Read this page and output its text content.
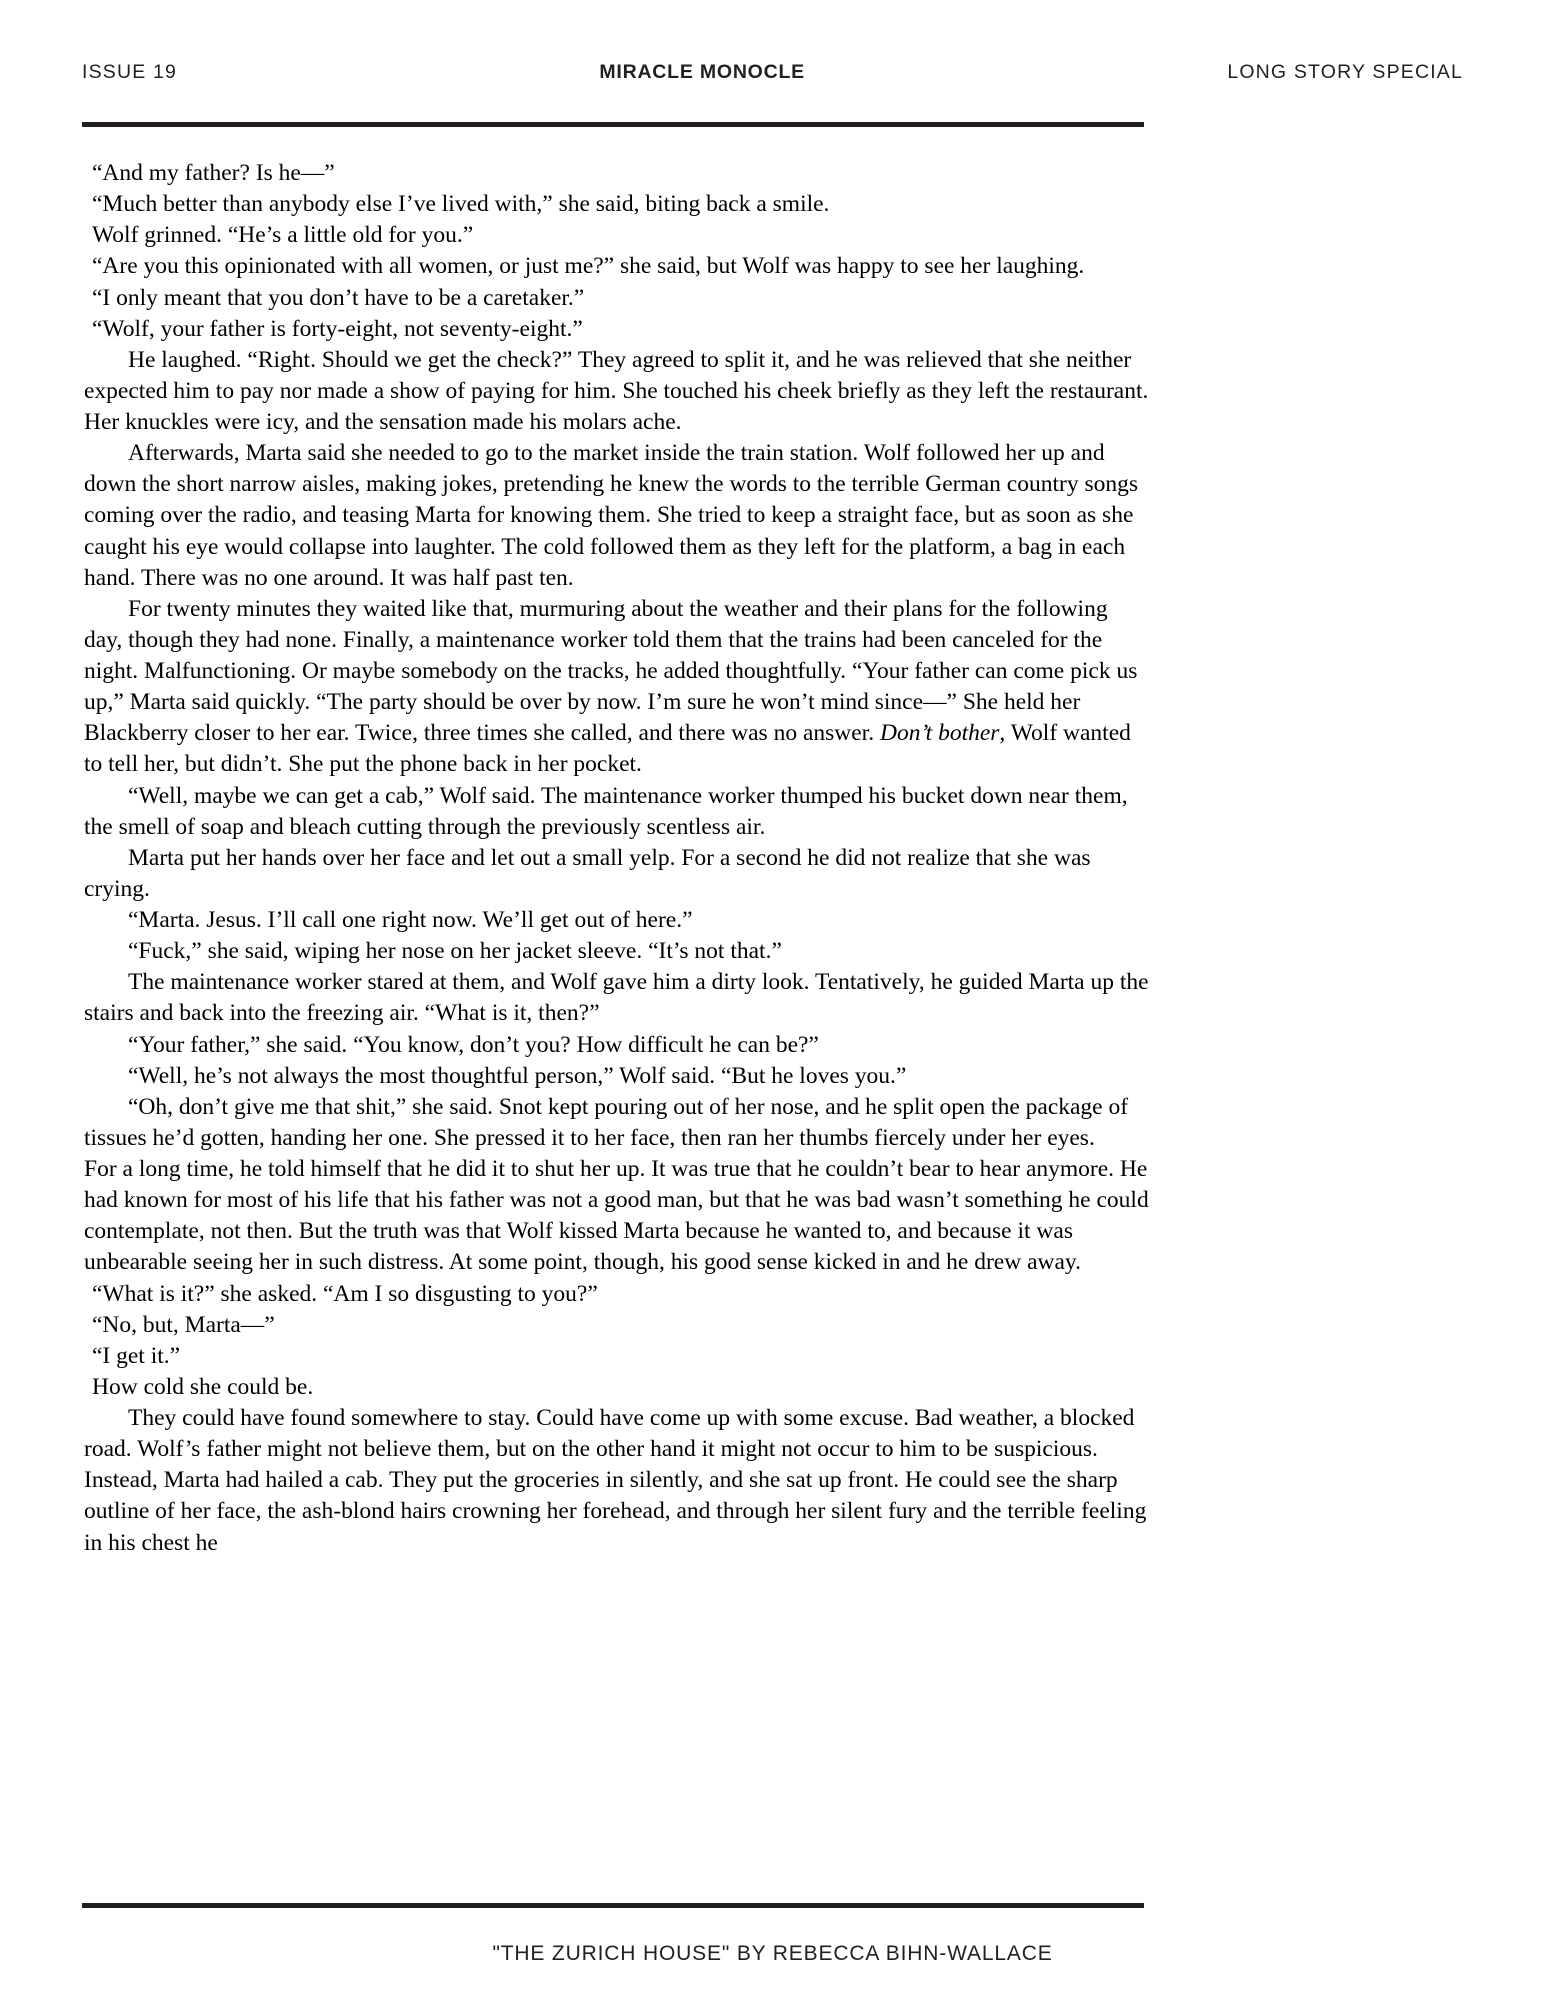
ISSUE 19	MIRACLE MONOCLE	LONG STORY SPECIAL

“And my father? Is he—”

“Much better than anybody else I’ve lived with,” she said, biting back a smile.

Wolf grinned. “He’s a little old for you.”

“Are you this opinionated with all women, or just me?” she said, but Wolf was happy to see her laughing.

“I only meant that you don’t have to be a caretaker.”

“Wolf, your father is forty-eight, not seventy-eight.”

He laughed. “Right. Should we get the check?” They agreed to split it, and he was relieved that she neither expected him to pay nor made a show of paying for him. She touched his cheek briefly as they left the restaurant. Her knuckles were icy, and the sensation made his molars ache.

Afterwards, Marta said she needed to go to the market inside the train station. Wolf followed her up and down the short narrow aisles, making jokes, pretending he knew the words to the terrible German country songs coming over the radio, and teasing Marta for knowing them. She tried to keep a straight face, but as soon as she caught his eye would collapse into laughter. The cold followed them as they left for the platform, a bag in each hand. There was no one around. It was half past ten.

For twenty minutes they waited like that, murmuring about the weather and their plans for the following day, though they had none. Finally, a maintenance worker told them that the trains had been canceled for the night. Malfunctioning. Or maybe somebody on the tracks, he added thoughtfully. “Your father can come pick us up,” Marta said quickly. “The party should be over by now. I’m sure he won’t mind since—” She held her Blackberry closer to her ear. Twice, three times she called, and there was no answer. Don’t bother, Wolf wanted to tell her, but didn’t. She put the phone back in her pocket.

“Well, maybe we can get a cab,” Wolf said. The maintenance worker thumped his bucket down near them, the smell of soap and bleach cutting through the previously scentless air.

Marta put her hands over her face and let out a small yelp. For a second he did not realize that she was crying.

“Marta. Jesus. I’ll call one right now. We’ll get out of here.”

“Fuck,” she said, wiping her nose on her jacket sleeve. “It’s not that.”

The maintenance worker stared at them, and Wolf gave him a dirty look. Tentatively, he guided Marta up the stairs and back into the freezing air. “What is it, then?”

“Your father,” she said. “You know, don’t you? How difficult he can be?”

“Well, he’s not always the most thoughtful person,” Wolf said. “But he loves you.”

“Oh, don’t give me that shit,” she said. Snot kept pouring out of her nose, and he split open the package of tissues he’d gotten, handing her one. She pressed it to her face, then ran her thumbs fiercely under her eyes.

For a long time, he told himself that he did it to shut her up. It was true that he couldn’t bear to hear anymore. He had known for most of his life that his father was not a good man, but that he was bad wasn’t something he could contemplate, not then. But the truth was that Wolf kissed Marta because he wanted to, and because it was unbearable seeing her in such distress. At some point, though, his good sense kicked in and he drew away.

“What is it?” she asked. “Am I so disgusting to you?”

“No, but, Marta—”

“I get it.”

How cold she could be.

They could have found somewhere to stay. Could have come up with some excuse. Bad weather, a blocked road. Wolf’s father might not believe them, but on the other hand it might not occur to him to be suspicious. Instead, Marta had hailed a cab. They put the groceries in silently, and she sat up front. He could see the sharp outline of her face, the ash-blond hairs crowning her forehead, and through her silent fury and the terrible feeling in his chest he

"THE ZURICH HOUSE" BY REBECCA BIHN-WALLACE
